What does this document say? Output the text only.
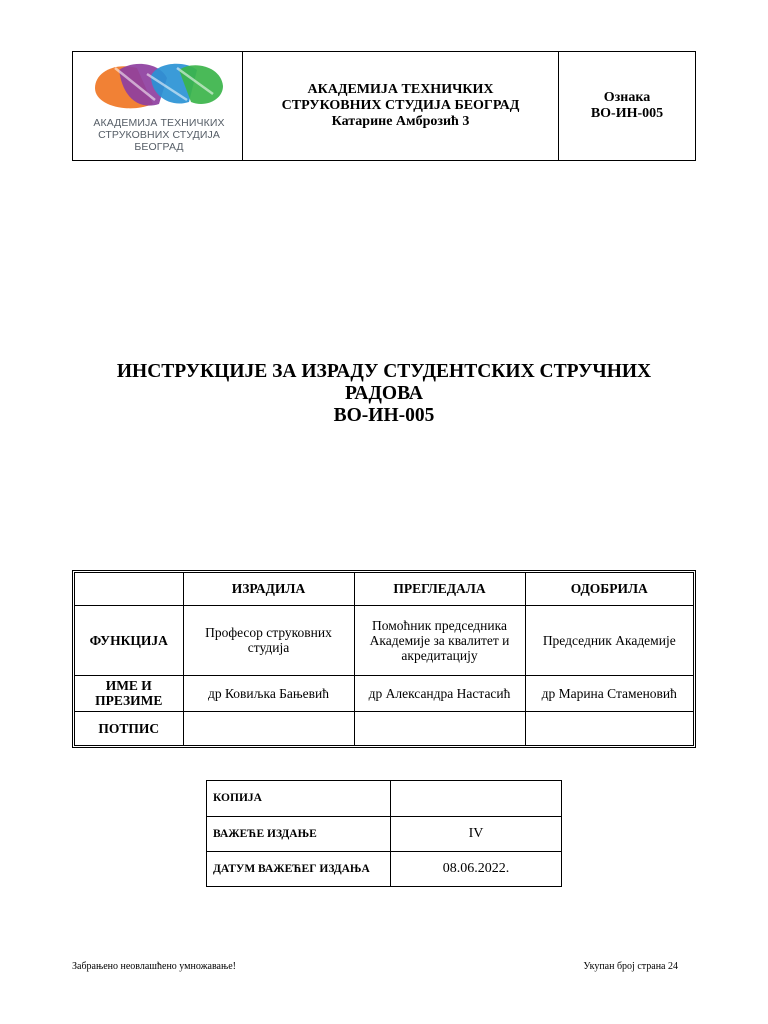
АКАДЕМИЈА ТЕХНИЧКИХ
СТРУКОВНИХ СТУДИЈА
БЕОГРАД
АКАДЕМИЈА ТЕХНИЧКИХ
СТРУКОВНИХ СТУДИЈА БЕОГРАД
Катарине Амброзић 3
Ознака
ВО-ИН-005
ИНСТРУКЦИЈЕ ЗА ИЗРАДУ СТУДЕНТСКИХ СТРУЧНИХ
РАДОВА
ВО-ИН-005
	ИЗРАДИЛА	ПРЕГЛЕДАЛА	ОДОБРИЛА
ФУНКЦИЈА	Професор струковних студија	Помоћник председника Академије за квалитет и акредитацију	Председник Академије
ИМЕ И ПРЕЗИМЕ	др Ковиљка Бањевић	др Александра Настасић	др Марина Стаменовић
ПОТПИС			
КОПИЈА	
ВАЖЕЋЕ ИЗДАЊЕ	IV
ДАТУМ ВАЖЕЋЕГ ИЗДАЊА	08.06.2022.
Забрањено неовлашћено умножавање!	Укупан број страна 24
